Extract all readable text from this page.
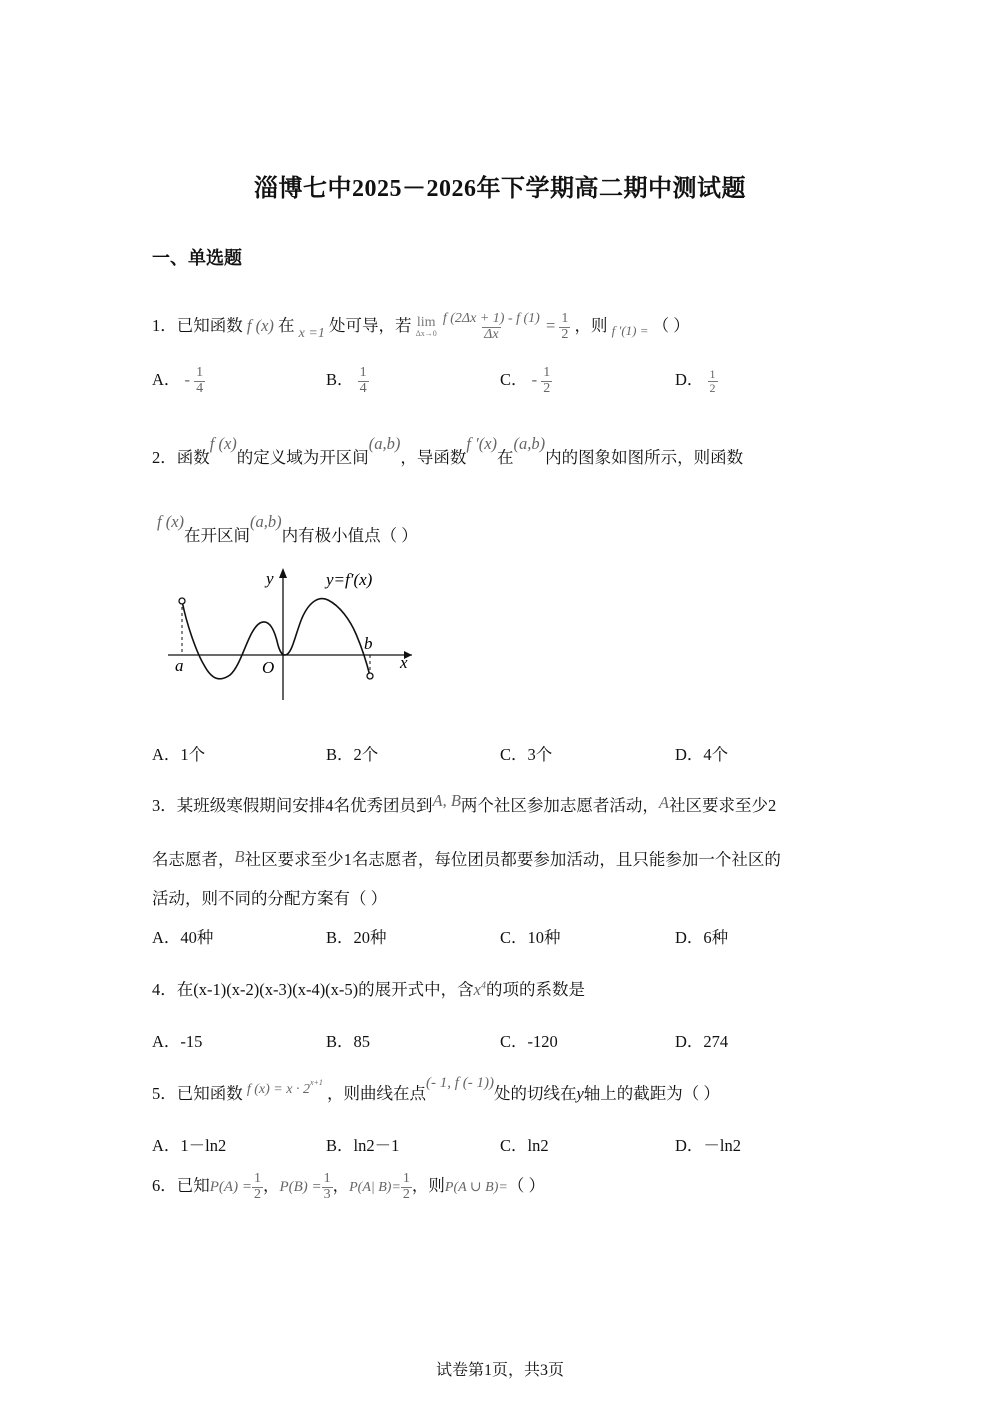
淄博七中2025－2026年下学期高二期中测试题
一、单选题
1．已知函数 f (x) 在 $_{x =1}$ 处可导，若 lim
Δx→0
$\frac{f (2\Delta x + 1) - f (1)}{\Delta x} = \frac{1}{2}$ ，则 $_{f '(1) =}$ （ ）
A． - $\frac{1}{4}$	B． $\frac{1}{4}$	C． - $\frac{1}{2}$	D． $\frac{1}{2}$
2．函数f (x)的定义域为开区间(a,b)，导函数f ′(x)在(a,b)内的图象如图所示，则函数
f (x)在开区间(a,b)内有极小值点（ ）
y	y=f′(x)
a	O
b
x
A．1个	B．2个	C．3个	D．4个
3．某班级寒假期间安排4名优秀团员到A, B两个社区参加志愿者活动，A社区要求至少2
名志愿者，B社区要求至少1名志愿者，每位团员都要参加活动，且只能参加一个社区的
活动，则不同的分配方案有（ ）
A．40种	B．20种	C．10种	D．6种
4．在(x-1)(x-2)(x-3)(x-4)(x-5)的展开式中，含$x^4$的项的系数是
A．-15	B．85	C．-120	D．274
5．已知函数 $^{f (x) = x \cdot 2x+1}$ ，则曲线在点(- 1, f (- 1))处的切线在y轴上的截距为（ ）
A．1－ln2	B．ln2－1	C．ln2	D．－ln2
6．已知$P(A) = \frac{1}{2}$ ，$P(B) = \frac{1}{3}$ ，P(A| $B)= \frac{1}{2}$ ，则P(A ∪ B)=（ ）
试卷第1页，共3页
